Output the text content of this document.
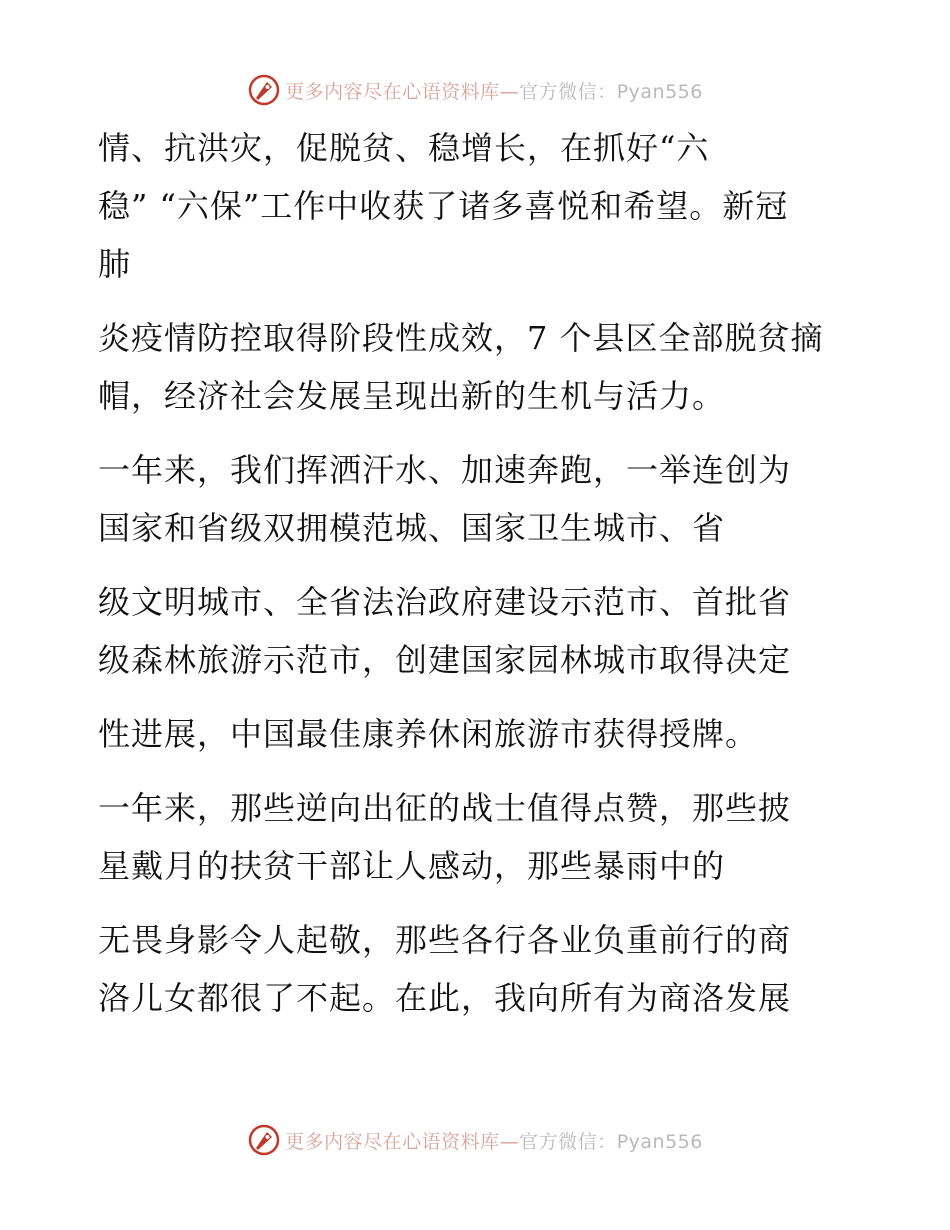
更多内容尽在心语资料库—官方微信：Pyan556
情、抗洪灾，促脱贫、稳增长，在抓好“六
稳” “六保”工作中收获了诸多喜悦和希望。新冠
肺
炎疫情防控取得阶段性成效，7 个县区全部脱贫摘
帽，经济社会发展呈现出新的生机与活力。
一年来，我们挥洒汗水、加速奔跑，一举连创为
国家和省级双拥模范城、国家卫生城市、省
级文明城市、全省法治政府建设示范市、首批省
级森林旅游示范市，创建国家园林城市取得决定
性进展，中国最佳康养休闲旅游市获得授牌。
一年来，那些逆向出征的战士值得点赞，那些披
星戴月的扶贫干部让人感动，那些暴雨中的
无畏身影令人起敬，那些各行各业负重前行的商
洛儿女都很了不起。在此，我向所有为商洛发展
更多内容尽在心语资料库—官方微信：Pyan556
